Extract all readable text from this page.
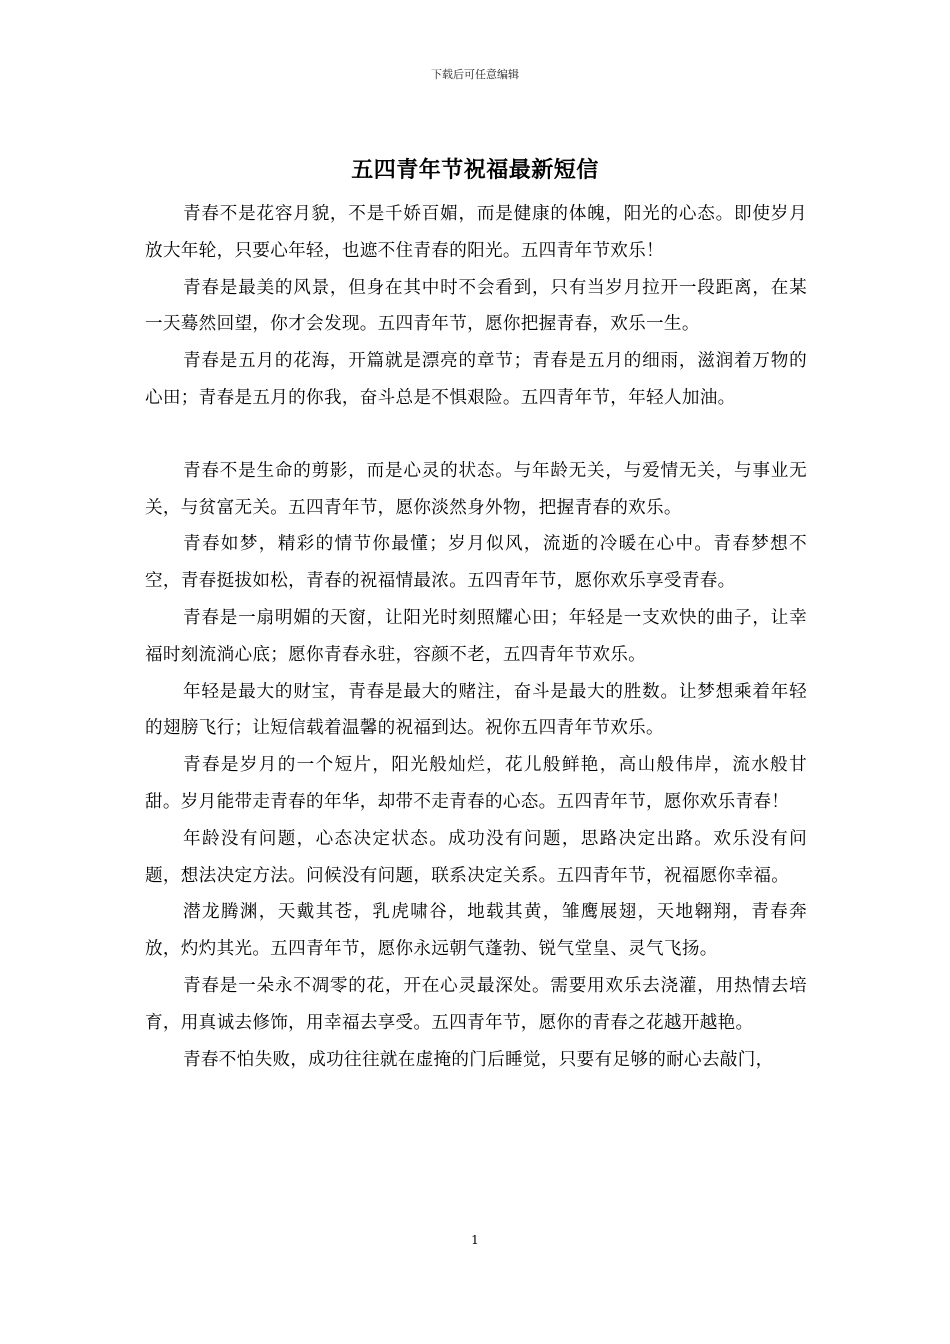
下载后可任意编辑
五四青年节祝福最新短信

青春不是花容月貌，不是千娇百媚，而是健康的体魄，阳光的心态。即使岁月放大年轮，只要心年轻，也遮不住青春的阳光。五四青年节欢乐！

青春是最美的风景，但身在其中时不会看到，只有当岁月拉开一段距离，在某一天蓦然回望，你才会发现。五四青年节，愿你把握青春，欢乐一生。

青春是五月的花海，开篇就是漂亮的章节；青春是五月的细雨，滋润着万物的心田；青春是五月的你我，奋斗总是不惧艰险。五四青年节，年轻人加油。

青春不是生命的剪影，而是心灵的状态。与年龄无关，与爱情无关，与事业无关，与贫富无关。五四青年节，愿你淡然身外物，把握青春的欢乐。

青春如梦，精彩的情节你最懂；岁月似风，流逝的冷暖在心中。青春梦想不空，青春挺拔如松，青春的祝福情最浓。五四青年节，愿你欢乐享受青春。

青春是一扇明媚的天窗，让阳光时刻照耀心田；年轻是一支欢快的曲子，让幸福时刻流淌心底；愿你青春永驻，容颜不老，五四青年节欢乐。

年轻是最大的财宝，青春是最大的赌注，奋斗是最大的胜数。让梦想乘着年轻的翅膀飞行；让短信载着温馨的祝福到达。祝你五四青年节欢乐。

青春是岁月的一个短片，阳光般灿烂，花儿般鲜艳，高山般伟岸，流水般甘甜。岁月能带走青春的年华，却带不走青春的心态。五四青年节，愿你欢乐青春！

年龄没有问题，心态决定状态。成功没有问题，思路决定出路。欢乐没有问题，想法决定方法。问候没有问题，联系决定关系。五四青年节，祝福愿你幸福。

潜龙腾渊，天戴其苍，乳虎啸谷，地载其黄，雏鹰展翅，天地翱翔，青春奔放，灼灼其光。五四青年节，愿你永远朝气蓬勃、锐气堂皇、灵气飞扬。

青春是一朵永不凋零的花，开在心灵最深处。需要用欢乐去浇灌，用热情去培育，用真诚去修饰，用幸福去享受。五四青年节，愿你的青春之花越开越艳。

青春不怕失败，成功往往就在虚掩的门后睡觉，只要有足够的耐心去敲门，

1
